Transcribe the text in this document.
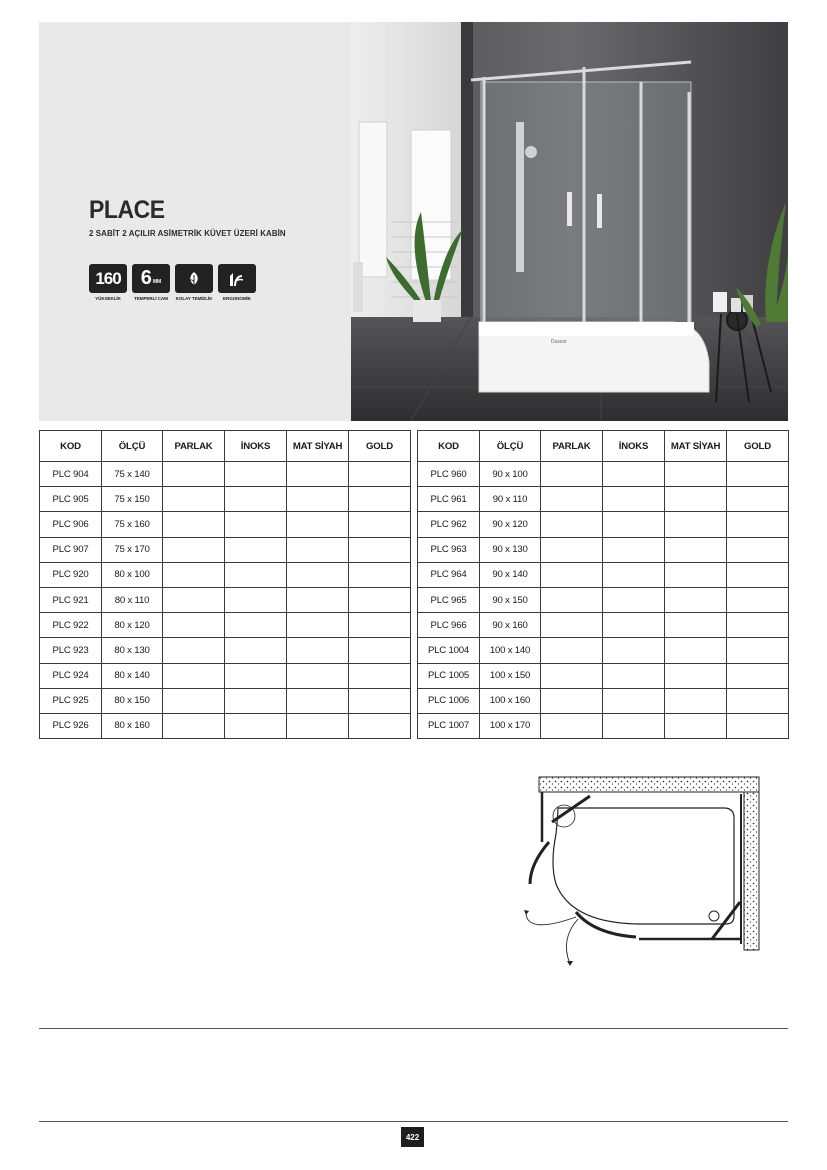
Duscor
PLACE
2 SABİT 2 AÇILIR ASİMETRİK KÜVET ÜZERİ KABİN
160
YÜKSEKLİK
6 MM
TEMPERLİ CAM KOLAY TEMİZLİK ERGONOMİK
KOD	ÖLÇÜ	PARLAK	İNOKS	MAT SİYAH	GOLD
PLC 904	75 x 140				
PLC 905	75 x 150				
PLC 906	75 x 160				
PLC 907	75 x 170				
PLC 920	80 x 100				
PLC 921	80 x 110				
PLC 922	80 x 120				
PLC 923	80 x 130				
PLC 924	80 x 140				
PLC 925	80 x 150				
PLC 926	80 x 160				
KOD	ÖLÇÜ	PARLAK	İNOKS	MAT SİYAH	GOLD
PLC 960	90 x 100				
PLC 961	90 x 110				
PLC 962	90 x 120				
PLC 963	90 x 130				
PLC 964	90 x 140				
PLC 965	90 x 150				
PLC 966	90 x 160				
PLC 1004	100 x 140				
PLC 1005	100 x 150				
PLC 1006	100 x 160				
PLC 1007	100 x 170				
422
